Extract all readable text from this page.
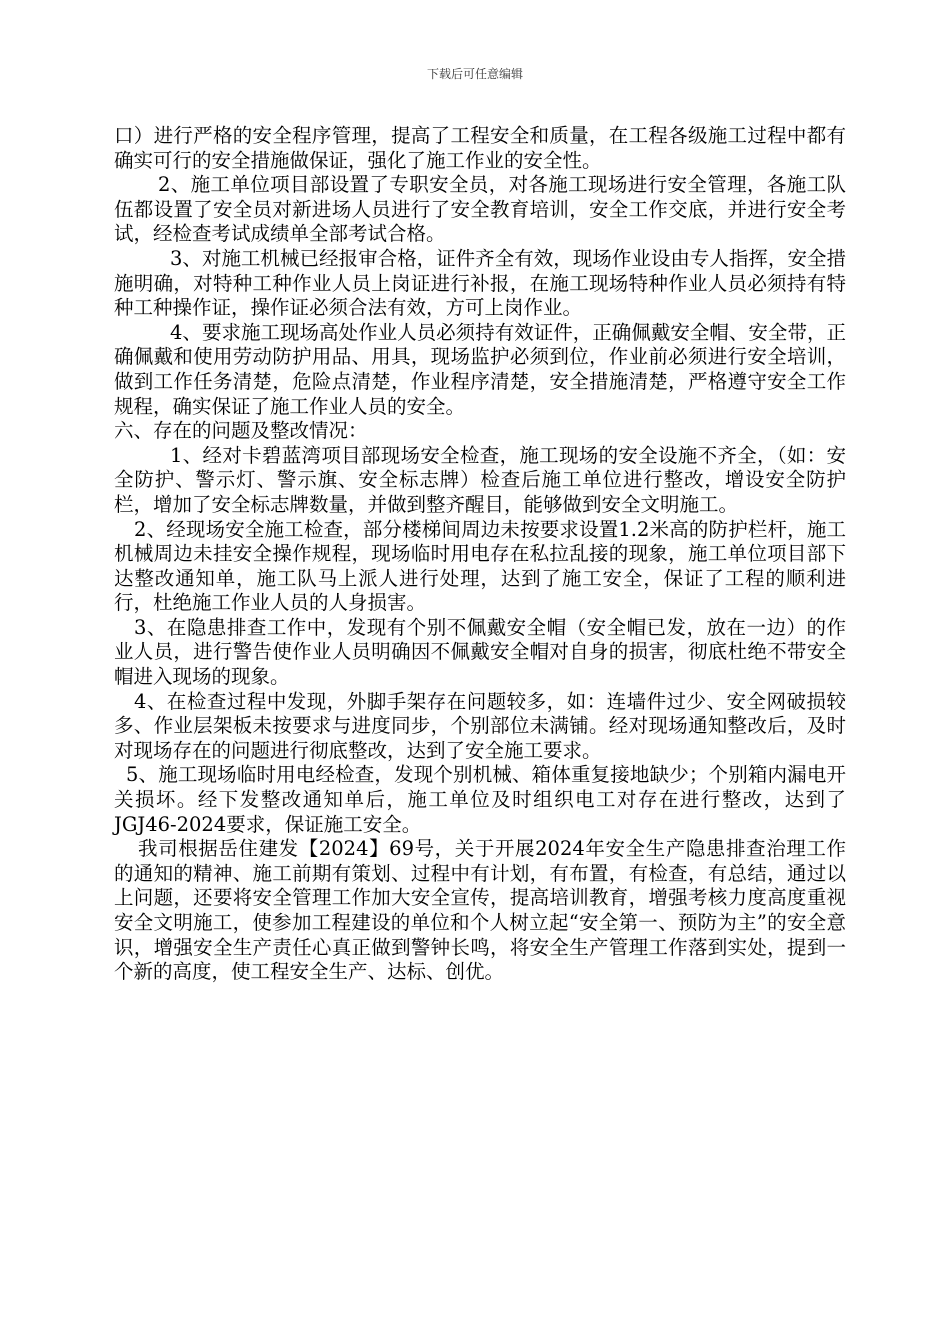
下载后可任意编辑

口）进行严格的安全程序管理，提高了工程安全和质量，在工程各级施工过程中都有确实可行的安全措施做保证，强化了施工作业的安全性。

2、施工单位项目部设置了专职安全员，对各施工现场进行安全管理，各施工队伍都设置了安全员对新进场人员进行了安全教育培训，安全工作交底，并进行安全考试，经检查考试成绩单全部考试合格。

3、对施工机械已经报审合格，证件齐全有效，现场作业设由专人指挥，安全措施明确，对特种工种作业人员上岗证进行补报，在施工现场特种作业人员必须持有特种工种操作证，操作证必须合法有效，方可上岗作业。

4、要求施工现场高处作业人员必须持有效证件，正确佩戴安全帽、安全带，正确佩戴和使用劳动防护用品、用具，现场监护必须到位，作业前必须进行安全培训，做到工作任务清楚，危险点清楚，作业程序清楚，安全措施清楚，严格遵守安全工作规程，确实保证了施工作业人员的安全。

六、存在的问题及整改情况：

1、经对卡碧蓝湾项目部现场安全检查，施工现场的安全设施不齐全，（如：安全防护、警示灯、警示旗、安全标志牌）检查后施工单位进行整改，增设安全防护栏，增加了安全标志牌数量，并做到整齐醒目，能够做到安全文明施工。

2、经现场安全施工检查，部分楼梯间周边未按要求设置1.2米高的防护栏杆，施工机械周边未挂安全操作规程，现场临时用电存在私拉乱接的现象，施工单位项目部下达整改通知单，施工队马上派人进行处理，达到了施工安全，保证了工程的顺利进行，杜绝施工作业人员的人身损害。

3、在隐患排查工作中，发现有个别不佩戴安全帽（安全帽已发，放在一边）的作业人员，进行警告使作业人员明确因不佩戴安全帽对自身的损害，彻底杜绝不带安全帽进入现场的现象。

4、在检查过程中发现，外脚手架存在问题较多，如：连墙件过少、安全网破损较多、作业层架板未按要求与进度同步，个别部位未满铺。经对现场通知整改后，及时对现场存在的问题进行彻底整改，达到了安全施工要求。

5、施工现场临时用电经检查，发现个别机械、箱体重复接地缺少；个别箱内漏电开关损坏。经下发整改通知单后，施工单位及时组织电工对存在进行整改，达到了JGJ46-2024要求，保证施工安全。

我司根据岳住建发【2024】69号，关于开展2024年安全生产隐患排查治理工作的通知的精神、施工前期有策划、过程中有计划，有布置，有检查，有总结，通过以上问题，还要将安全管理工作加大安全宣传，提高培训教育，增强考核力度高度重视安全文明施工，使参加工程建设的单位和个人树立起“安全第一、预防为主”的安全意识，增强安全生产责任心真正做到警钟长鸣，将安全生产管理工作落到实处，提到一个新的高度，使工程安全生产、达标、创优。
